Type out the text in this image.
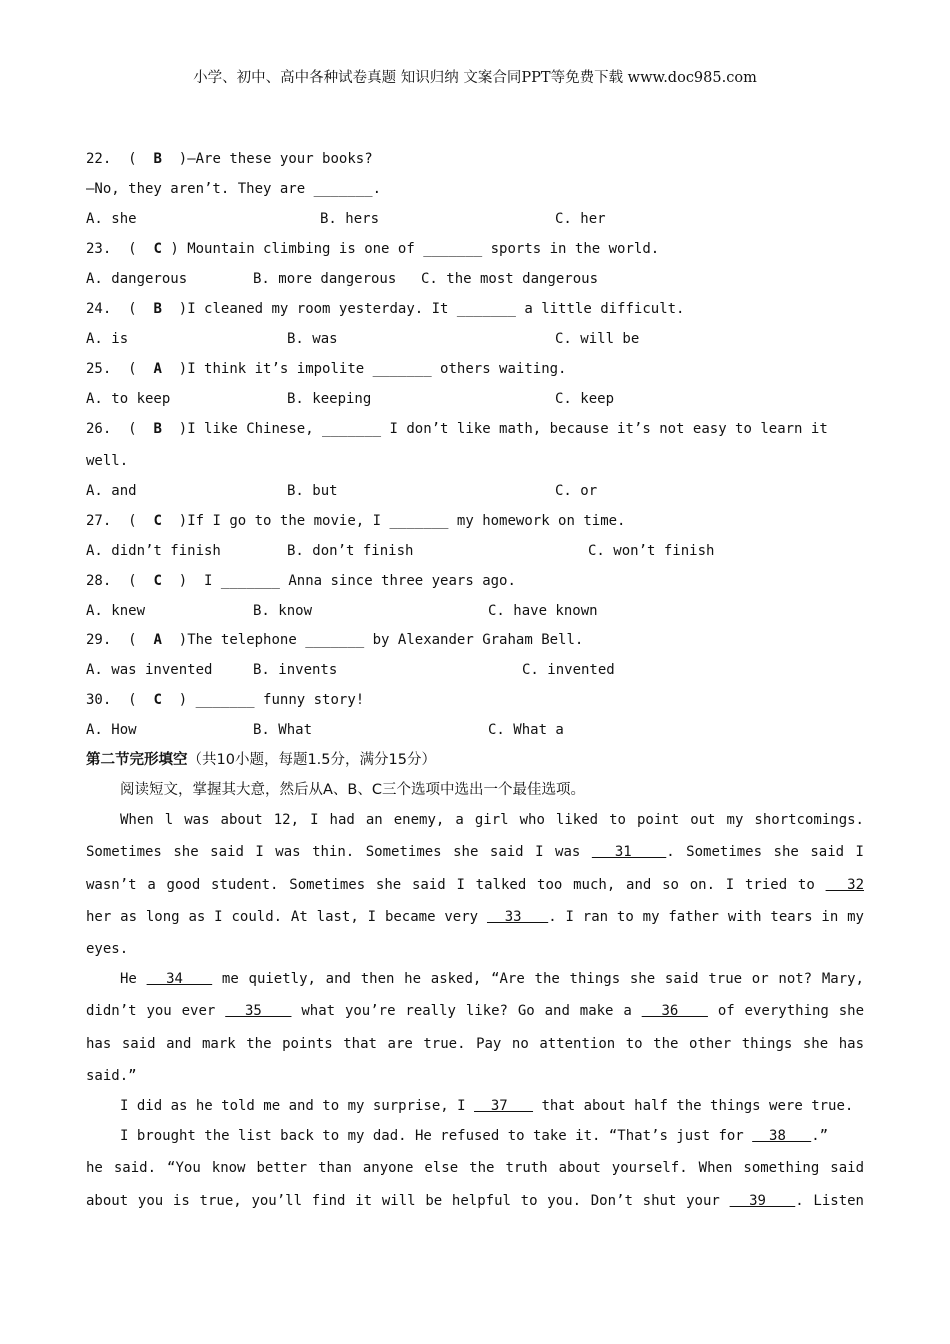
小学、初中、高中各种试卷真题 知识归纳 文案合同PPT等免费下载 www.doc985.com
22.  (  B  )—Are these your books?
—No, they aren’t. They are _______.
A. she	B. hers	C. her
23.  (  C ) Mountain climbing is one of _______ sports in the world.
A. dangerous	B. more dangerous C. the most dangerous
24.  (  B  )I cleaned my room yesterday. It _______ a little difficult.
A. is	B. was	C. will be
25.  (  A  )I think it’s impolite _______ others waiting.
A. to keep	B. keeping	C. keep
26.  (  B  )I like Chinese, _______ I don’t like math, because it’s not easy to learn it
well.
A. and	B. but	C. or
27.  (  C  )If I go to the movie, I _______ my homework on time.
A. didn’t finish	B. don’t finish	C. won’t finish
28.  (  C  )  I _______ Anna since three years ago.
A. knew	B. know	C. have known
29.  (  A  )The telephone _______ by Alexander Graham Bell.
A. was invented	B. invents	C. invented
30.  (  C  ) _______ funny story!
A. How	B. What	C. What a
第二节完形填空（共10小题，每题1.5分，满分15分）
阅读短文，掌握其大意，然后从A、B、C三个选项中选出一个最佳选项。
When l was about 12, I had an enemy, a girl who liked to point out my shortcomings.
Sometimes she said I was thin. Sometimes she said I was   31   . Sometimes she said I
wasn’t a good student. Sometimes she said I talked too much, and so on. I tried to   32
her as long as I could. At last, I became very   33   . I ran to my father with tears in my
eyes.
He   34    me quietly, and then he asked, “Are the things she said true or not? Mary,
didn’t you ever   35    what you’re really like? Go and make a   36    of everything she
has said and mark the points that are true. Pay no attention to the other things she has
said.”
I did as he told me and to my surprise, I   37    that about half the things were true.
I brought the list back to my dad. He refused to take it. “That’s just for   38   .”
he said. “You know better than anyone else the truth about yourself. When something said
about you is true, you’ll find it will be helpful to you. Don’t shut your   39   . Listen
